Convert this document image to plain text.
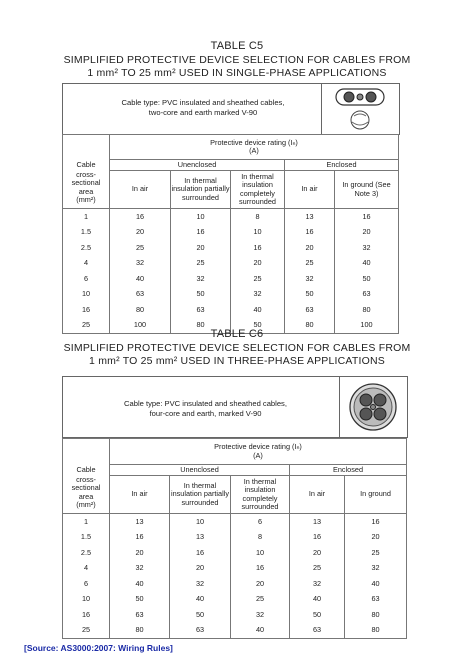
TABLE C5
SIMPLIFIED PROTECTIVE DEVICE SELECTION FOR CABLES FROM
1 mm² TO 25 mm² USED IN SINGLE-PHASE APPLICATIONS
Cable type: PVC insulated and sheathed cables,
two-core and earth marked V-90

	Protective device rating (Iₙ)
(A)				

Cable	Unenclosed			Enclosed	

cross-
sectional
area
(mm²)	In air	In thermal insulation partially surrounded	In thermal insulation completely surrounded	In air	In ground (See Note 3)
1	16	10	8	13	16
1.5	20	16	10	16	20
2.5	25	20	16	20	32
4	32	25	20	25	40
6	40	32	25	32	50
10	63	50	32	50	63
16	80	63	40	63	80
25	100	80	50	80	100
TABLE C6
SIMPLIFIED PROTECTIVE DEVICE SELECTION FOR CABLES FROM
1 mm² TO 25 mm² USED IN THREE-PHASE APPLICATIONS
Cable type: PVC insulated and sheathed cables,
four-core and earth, marked V-90

	Protective device rating (Iₙ)
(A)				

Cable	Unenclosed			Enclosed	

cross-
sectional
area
(mm²)	In air	In thermal insulation partially surrounded	In thermal insulation completely surrounded	In air	In ground
1	13	10	6	13	16
1.5	16	13	8	16	20
2.5	20	16	10	20	25
4	32	20	16	25	32
6	40	32	20	32	40
10	50	40	25	40	63
16	63	50	32	50	80
25	80	63	40	63	80
[Source: AS3000:2007: Wiring Rules]
